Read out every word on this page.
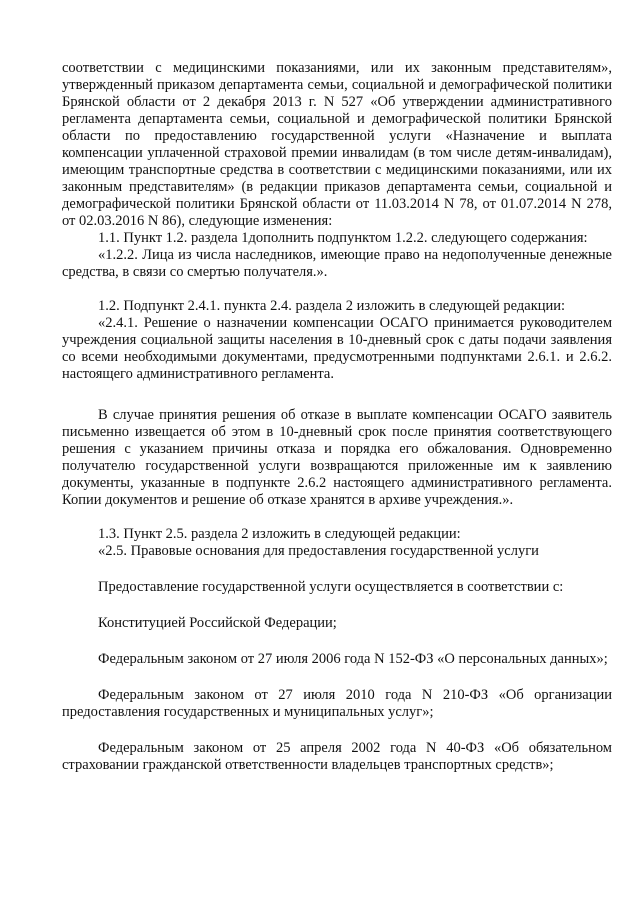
соответствии с медицинскими показаниями, или их законным представителям», утвержденный приказом департамента семьи, социальной и демографической политики Брянской области от 2 декабря 2013 г. N 527 «Об утверждении административного регламента департамента семьи, социальной и демографической политики Брянской области по предоставлению государственной услуги «Назначение и выплата компенсации уплаченной страховой премии инвалидам (в том числе детям-инвалидам), имеющим транспортные средства в соответствии с медицинскими показаниями, или их законным представителям» (в редакции приказов департамента семьи, социальной и демографической политики Брянской области от 11.03.2014 N 78, от 01.07.2014 N 278, от 02.03.2016 N 86), следующие изменения:

1.1. Пункт 1.2. раздела 1дополнить подпунктом 1.2.2. следующего содержания:

«1.2.2. Лица из числа наследников, имеющие право на недополученные денежные средства, в связи со смертью получателя.».

1.2. Подпункт 2.4.1. пункта 2.4. раздела 2 изложить в следующей редакции:

«2.4.1. Решение о назначении компенсации ОСАГО принимается руководителем учреждения социальной защиты населения в 10-дневный срок с даты подачи заявления со всеми необходимыми документами, предусмотренными подпунктами 2.6.1. и 2.6.2. настоящего административного регламента.

В случае принятия решения об отказе в выплате компенсации ОСАГО заявитель письменно извещается об этом в 10-дневный срок после принятия соответствующего решения с указанием причины отказа и порядка его обжалования. Одновременно получателю государственной услуги возвращаются приложенные им к заявлению документы, указанные в подпункте 2.6.2 настоящего административного регламента. Копии документов и решение об отказе хранятся в архиве учреждения.».

1.3. Пункт 2.5. раздела 2 изложить в следующей редакции:

«2.5. Правовые основания для предоставления государственной услуги

Предоставление государственной услуги осуществляется в соответствии с:

Конституцией Российской Федерации;

Федеральным законом от 27 июля 2006 года N 152-ФЗ «О персональных данных»;

Федеральным законом от 27 июля 2010 года N 210-ФЗ «Об организации предоставления государственных и муниципальных услуг»;

Федеральным законом от 25 апреля 2002 года N 40-ФЗ «Об обязательном страховании гражданской ответственности владельцев транспортных средств»;
